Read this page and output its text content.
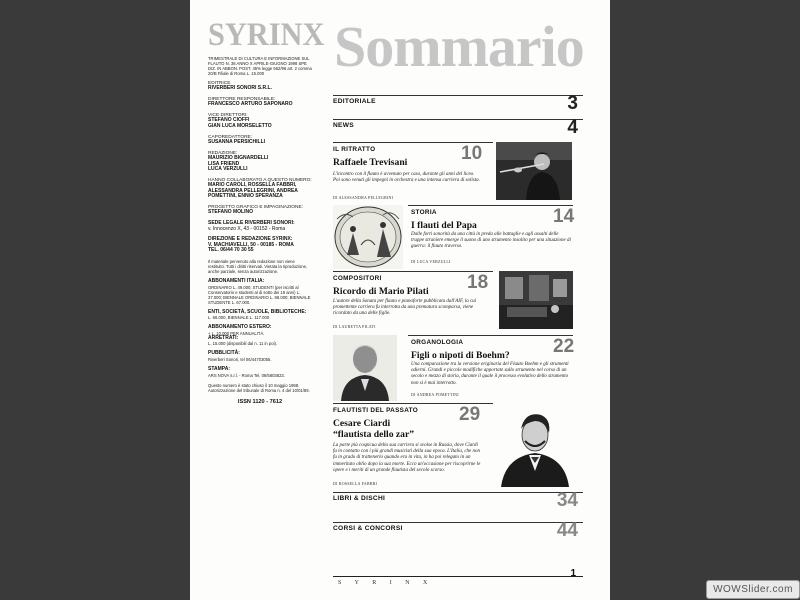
SYRINX
TRIMESTRALE DI CULTURA E INFORMAZIONE SUL FLAUTO N. 36 ANNO X APRILE-GIUGNO 1998 SPE DIZ. IN ABBON. POST. 45% legge 662/96 art. 2 comma 20/B Filiale di Roma L. 15.000
EDITRICE
RIVERBERI SONORI S.R.L.
DIRETTORE RESPONSABILE:
FRANCESCO ARTURO SAPONARO
VICE DIRETTORI:
STEFANO CIOFFI
GIAN LUCA MORSELETTO
CAPOREDATTORE:
SUSANNA PERSICHILLI
REDAZIONE:
MAURIZIO BIGNARDELLI
LISA FRIEND
LUCA VERZULLI
HANNO COLLABORATO A QUESTO NUMERO:
MARIO CAROLI, ROSSELLA FABBRI, ALESSANDRA PELLEGRINI, ANDREA POMETTINI, ENNIO SPERANZA
PROGETTO GRAFICO E IMPAGINAZIONE:
STEFANO MOLINO
SEDE LEGALE RIVERBERI SONORI:
v. Innocenzo X, 43 - 00152 - Roma
DIREZIONE E REDAZIONE SYRINX:
V. MACHIAVELLI, 50 - 00185 - ROMA
TEL. 06/44 70 30 55
Il materiale pervenuto alla redazione non viene restituito. Tutti i diritti riservati. Vietata la riproduzione, anche parziale, senza autorizzazione.
ABBONAMENTI ITALIA:
ORDINARIO L. 49.000; STUDENTI (per iscritti al Conservatorio e studenti al di sotto dei 19 anni) L. 37.000; BIENNALE ORDINARIO L. 88.000; BIENNALE STUDENTE L. 67.000.
ENTI, SOCIETÀ, SCUOLE, BIBLIOTECHE:
L. 66.000, BIENNALE L. 117.000
ABBONAMENTO ESTERO:
+ L. 10.000 PER ANNUALITÀ.
ARRETRATI:
L. 15.000 (disponibili dal n. 11 in poi).
PUBBLICITÀ:
Riverberi Sonori, tel 06/44703055.
STAMPA:
ARS NOVA s.r.l. - Roma Tel. 06/5803823.
Questo numero è stato chiuso il 10 maggio 1998. Autorizzazione del tribunale di Roma n. 4 del 10/01/89.
ISSN 1120 - 7612
Sommario
EDITORIALE	3
NEWS	4
IL RITRATTO	10
Raffaele Trevisani
L'incontro con il flauto è avvenuto per caso, durante gli anni del liceo. Poi sono venuti gli impegni in orchestra e una intensa carriera di solista.
DI ALESSANDRA PELLEGRINI
STORIA	14
I flauti del Papa
Dalle forti sonorità da una città in preda alle battaglie e agli assalti delle truppe straniere emerge il suono di uno strumento insolito per una situazione di guerra: il flauto traverso.
DI LUCA VERZULLI
COMPOSITORI	18
Ricordo di Mario Pilati
L'autore della Sonata per flauto e pianoforte pubblicata dall'AIF, la cui promettente carriera fu interrotta da una prematura scomparsa, viene ricordato da una delle figlie.
DI LAURETTA PILATI
ORGANOLOGIA	22
Figli o nipoti di Boehm?
Una comparazione tra la versione originaria del Flauto Boehm e gli strumenti odierni. Grandi e piccole modifiche apportate sullo strumento nel corso di un secolo e mezzo di storia, durante il quale il processo evolutivo dello strumento non si è mai interrotto.
DI ANDREA POMETTINI
FLAUTISTI DEL PASSATO 29
Cesare Ciardi
“flautista dello zar”
La parte più cospicua della sua carriera si svolse in Russia, dove Ciardi fu in contatto con i più grandi musicisti della sua epoca. L'Italia, che non fu in grado di trattenerlo quando era in vita, in ha poi relegato in un immeritato oblio dopo la sua morte. Ecco un'occasione per riscoprirne le opere e i meriti di un grande flautista del secolo scorso.
DI ROSSELLA FABBRI
LIBRI & DISCHI	34
CORSI & CONCORSI	44
S Y R I N X
1
WOWSlider.com
